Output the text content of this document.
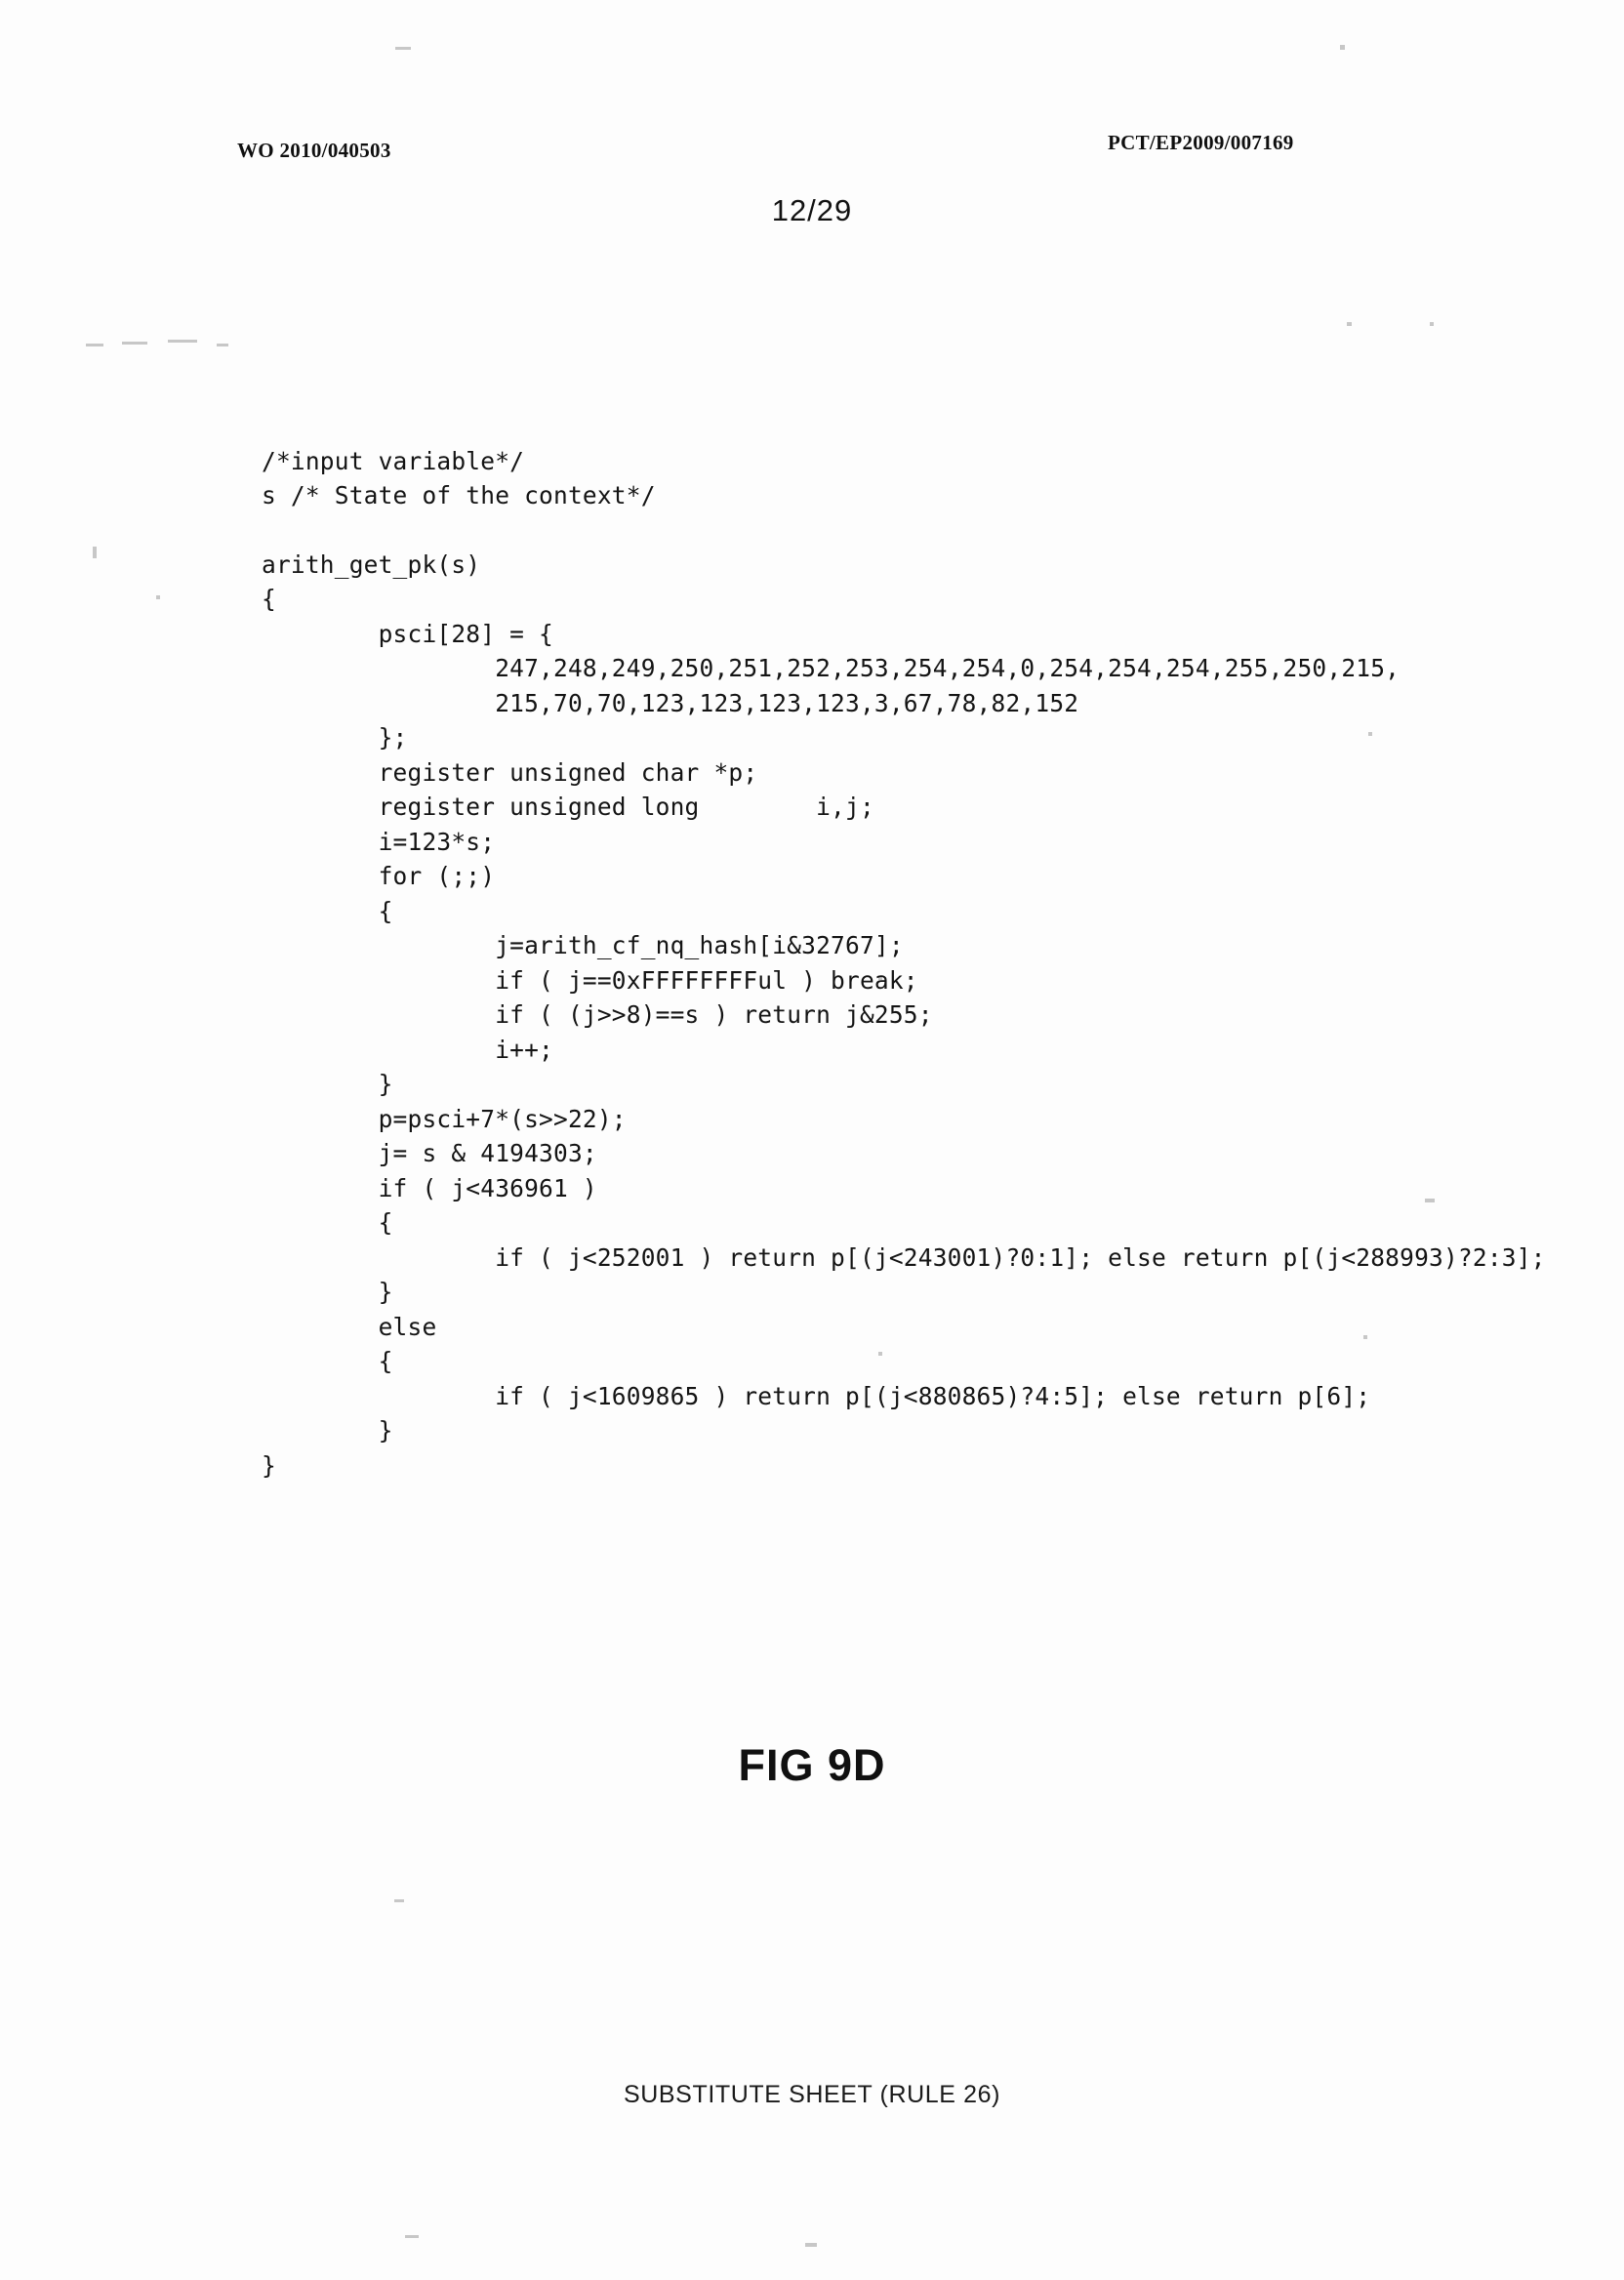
WO 2010/040503	PCT/EP2009/007169
12/29
/*input variable*/
s /* State of the context*/
arith_get_pk(s)
{
psci[28] = {
247,248,249,250,251,252,253,254,254,0,254,254,254,255,250,215,
215,70,70,123,123,123,123,3,67,78,82,152
};
register unsigned char *p;
register unsigned long        i,j;
i=123*s;
for (;;)
{
j=arith_cf_nq_hash[i&32767];
if ( j==0xFFFFFFFFul ) break;
if ( (j>>8)==s ) return j&255;
i++;
}
p=psci+7*(s>>22);
j= s & 4194303;
if ( j<436961 )
{
if ( j<252001 ) return p[(j<243001)?0:1]; else return p[(j<288993)?2:3];
}
else
{
if ( j<1609865 ) return p[(j<880865)?4:5]; else return p[6];
}
}
FIG 9D
SUBSTITUTE SHEET (RULE 26)
